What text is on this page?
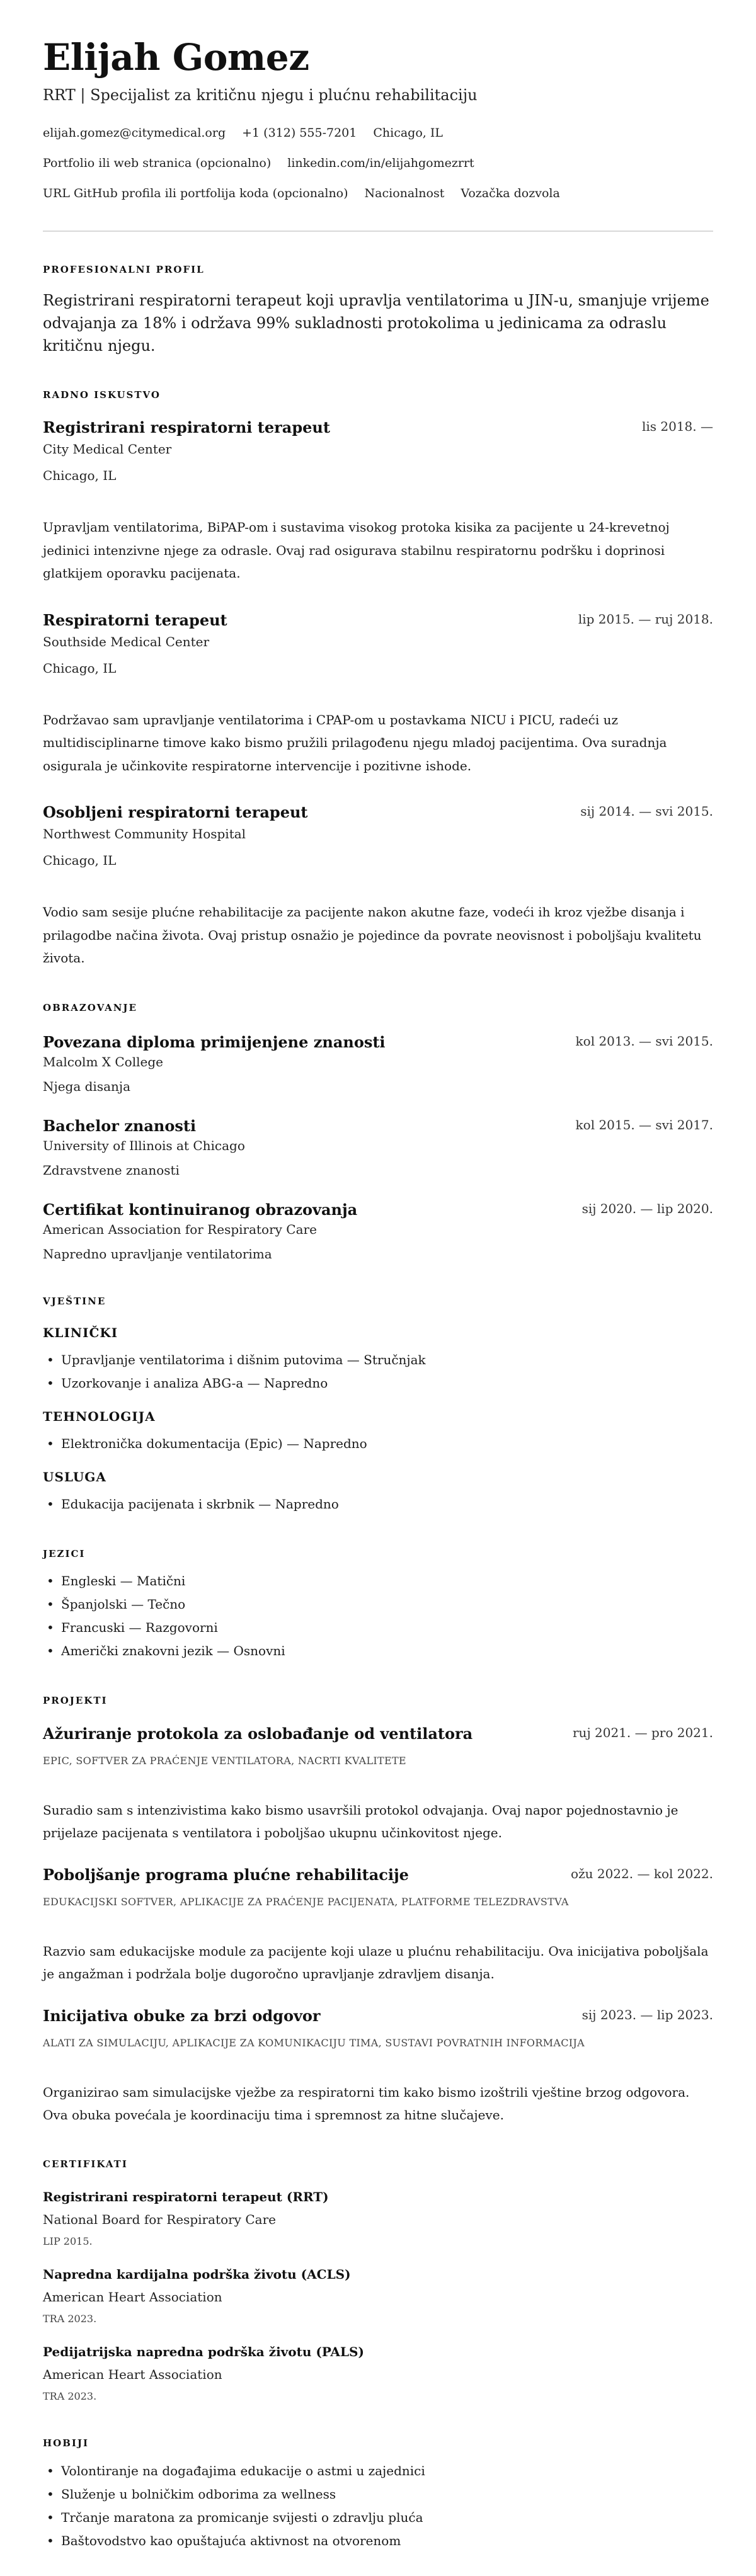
Elijah Gomez
RRT | Specijalist za kritičnu njegu i plućnu rehabilitaciju
elijah.gomez@citymedical.org +1 (312) 555-7201 Chicago, IL
Portfolio ili web stranica (opcionalno) linkedin.com/in/elijahgomezrrt
URL GitHub profila ili portfolija koda (opcionalno) Nacionalnost Vozačka dozvola
PROFESIONALNI PROFIL

Registrirani respiratorni terapeut koji upravlja ventilatorima u JIN-u, smanjuje vrijeme odvajanja za 18% i održava 99% sukladnosti protokolima u jedinicama za odraslu kritičnu njegu.

RADNO ISKUSTVO
Registrirani respiratorni terapeut	lis 2018. —
City Medical Center
Chicago, IL

Upravljam ventilatorima, BiPAP-om i sustavima visokog protoka kisika za pacijente u 24-krevetnoj jedinici intenzivne njege za odrasle. Ovaj rad osigurava stabilnu respiratornu podršku i doprinosi glatkijem oporavku pacijenata.

Respiratorni terapeut	lip 2015. — ruj 2018.
Southside Medical Center
Chicago, IL

Podržavao sam upravljanje ventilatorima i CPAP-om u postavkama NICU i PICU, radeći uz multidisciplinarne timove kako bismo pružili prilagođenu njegu mladoj pacijentima. Ova suradnja osigurala je učinkovite respiratorne intervencije i pozitivne ishode.

Osobljeni respiratorni terapeut	sij 2014. — svi 2015.
Northwest Community Hospital
Chicago, IL

Vodio sam sesije plućne rehabilitacije za pacijente nakon akutne faze, vodeći ih kroz vježbe disanja i prilagodbe načina života. Ovaj pristup osnažio je pojedince da povrate neovisnost i poboljšaju kvalitetu života.

OBRAZOVANJE
Povezana diploma primijenjene znanosti	kol 2013. — svi 2015.
Malcolm X College
Njega disanja
Bachelor znanosti	kol 2015. — svi 2017.
University of Illinois at Chicago
Zdravstvene znanosti
Certifikat kontinuiranog obrazovanja	sij 2020. — lip 2020.
American Association for Respiratory Care
Napredno upravljanje ventilatorima
VJEŠTINE
KLINIČKI
• Upravljanje ventilatorima i dišnim putovima — Stručnjak
• Uzorkovanje i analiza ABG-a — Napredno
TEHNOLOGIJA
• Elektronička dokumentacija (Epic) — Napredno
USLUGA
• Edukacija pacijenata i skrbnik — Napredno
JEZICI
• Engleski — Matični
• Španjolski — Tečno
• Francuski — Razgovorni
• Američki znakovni jezik — Osnovni
PROJEKTI
Ažuriranje protokola za oslobađanje od ventilatora	ruj 2021. — pro 2021.
EPIC, SOFTVER ZA PRAĆENJE VENTILATORA, NACRTI KVALITETE

Suradio sam s intenzivistima kako bismo usavršili protokol odvajanja. Ovaj napor pojednostavnio je prijelaze pacijenata s ventilatora i poboljšao ukupnu učinkovitost njege.

Poboljšanje programa plućne rehabilitacije	ožu 2022. — kol 2022.
EDUKACIJSKI SOFTVER, APLIKACIJE ZA PRAĆENJE PACIJENATA, PLATFORME TELEZDRAVSTVA

Razvio sam edukacijske module za pacijente koji ulaze u plućnu rehabilitaciju. Ova inicijativa poboljšala je angažman i podržala bolje dugoročno upravljanje zdravljem disanja.

Inicijativa obuke za brzi odgovor	sij 2023. — lip 2023.
ALATI ZA SIMULACIJU, APLIKACIJE ZA KOMUNIKACIJU TIMA, SUSTAVI POVRATNIH INFORMACIJA

Organizirao sam simulacijske vježbe za respiratorni tim kako bismo izoštrili vještine brzog odgovora. Ova obuka povećala je koordinaciju tima i spremnost za hitne slučajeve.

CERTIFIKATI
Registrirani respiratorni terapeut (RRT)
National Board for Respiratory Care
LIP 2015.
Napredna kardijalna podrška životu (ACLS)
American Heart Association
TRA 2023.
Pedijatrijska napredna podrška životu (PALS)
American Heart Association
TRA 2023.
HOBIJI
• Volontiranje na događajima edukacije o astmi u zajednici
• Služenje u bolničkim odborima za wellness
• Trčanje maratona za promicanje svijesti o zdravlju pluća
• Baštovodstvo kao opuštajuća aktivnost na otvorenom
